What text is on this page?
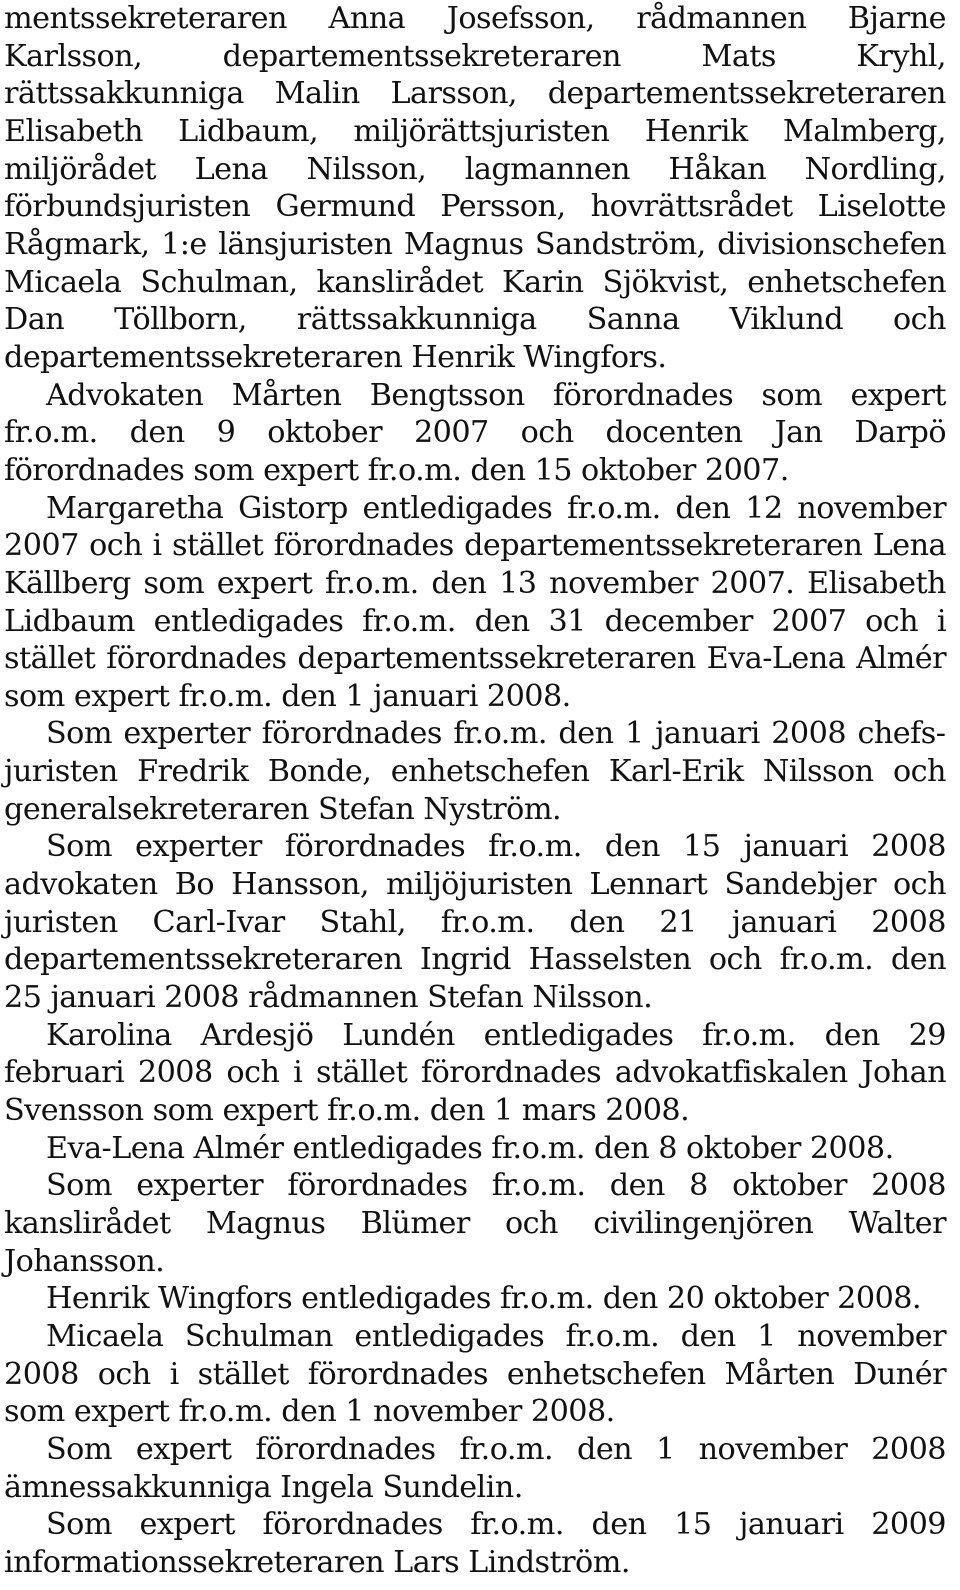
mentssekreteraren Anna Josefsson, rådmannen Bjarne Karlsson, departementssekreteraren Mats Kryhl, rättssakkunniga Malin Larsson, departementssekreteraren Elisabeth Lidbaum, miljörättsjuristen Henrik Malmberg, miljörådet Lena Nilsson, lagmannen Håkan Nordling, förbundsjuristen Germund Persson, hovrättsrådet Liselotte Rågmark, 1:e länsjuristen Magnus Sandström, divisionschefen Micaela Schulman, kanslirådet Karin Sjökvist, enhetschefen Dan Töllborn, rättssakkunniga Sanna Viklund och departementssekreteraren Henrik Wingfors.

Advokaten Mårten Bengtsson förordnades som expert fr.o.m. den 9 oktober 2007 och docenten Jan Darpö förordnades som expert fr.o.m. den 15 oktober 2007.

Margaretha Gistorp entledigades fr.o.m. den 12 november 2007 och i stället förordnades departementssekreteraren Lena Källberg som expert fr.o.m. den 13 november 2007. Elisabeth Lidbaum entledigades fr.o.m. den 31 december 2007 och i stället förordnades departementssekreteraren Eva-Lena Almér som expert fr.o.m. den 1 januari 2008.

Som experter förordnades fr.o.m. den 1 januari 2008 chefsjuristen Fredrik Bonde, enhetschefen Karl-Erik Nilsson och generalsekreteraren Stefan Nyström.

Som experter förordnades fr.o.m. den 15 januari 2008 advokaten Bo Hansson, miljöjuristen Lennart Sandebjer och juristen Carl-Ivar Stahl, fr.o.m. den 21 januari 2008 departementssekreteraren Ingrid Hasselsten och fr.o.m. den 25 januari 2008 rådmannen Stefan Nilsson.

Karolina Ardesjö Lundén entledigades fr.o.m. den 29 februari 2008 och i stället förordnades advokatfiskalen Johan Svensson som expert fr.o.m. den 1 mars 2008.

Eva-Lena Almér entledigades fr.o.m. den 8 oktober 2008.

Som experter förordnades fr.o.m. den 8 oktober 2008 kanslirådet Magnus Blümer och civilingenjören Walter Johansson.

Henrik Wingfors entledigades fr.o.m. den 20 oktober 2008.

Micaela Schulman entledigades fr.o.m. den 1 november 2008 och i stället förordnades enhetschefen Mårten Dunér som expert fr.o.m. den 1 november 2008.

Som expert förordnades fr.o.m. den 1 november 2008 ämnessakkunniga Ingela Sundelin.

Som expert förordnades fr.o.m. den 15 januari 2009 informationssekreteraren Lars Lindström.
